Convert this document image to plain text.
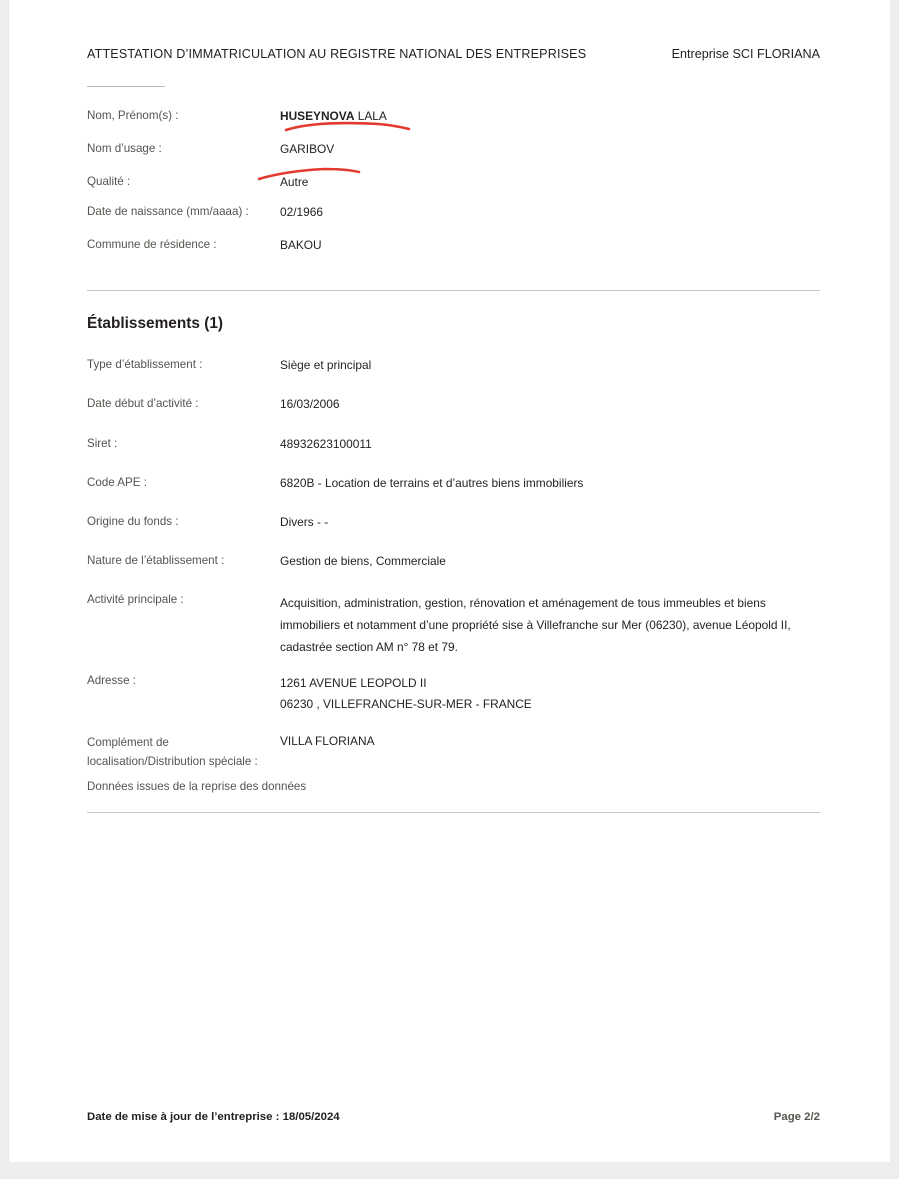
ATTESTATION D’IMMATRICULATION AU REGISTRE NATIONAL DES ENTREPRISES	Entreprise SCI FLORIANA
Nom, Prénom(s) :	HUSEYNOVA LALA
Nom d’usage :	GARIBOV
Qualité :	Autre
Date de naissance (mm/aaaa) :	02/1966
Commune de résidence :	BAKOU
Établissements (1)
Type d’établissement :	Siège et principal
Date début d’activité :	16/03/2006
Siret :	48932623100011
Code APE :	6820B - Location de terrains et d’autres biens immobiliers
Origine du fonds :	Divers - -
Nature de l’établissement :	Gestion de biens, Commerciale
Activité principale :	Acquisition, administration, gestion, rénovation et aménagement de tous immeubles et biens immobiliers et notamment d’une propriété sise à Villefranche sur Mer (06230), avenue Léopold II, cadastrée section AM n° 78 et 79.
Adresse :	1261 AVENUE LEOPOLD II
06230 , VILLEFRANCHE-SUR-MER - FRANCE
Complément de localisation/Distribution spéciale :
VILLA FLORIANA
Données issues de la reprise des données
Date de mise à jour de l’entreprise : 18/05/2024	Page 2/2
